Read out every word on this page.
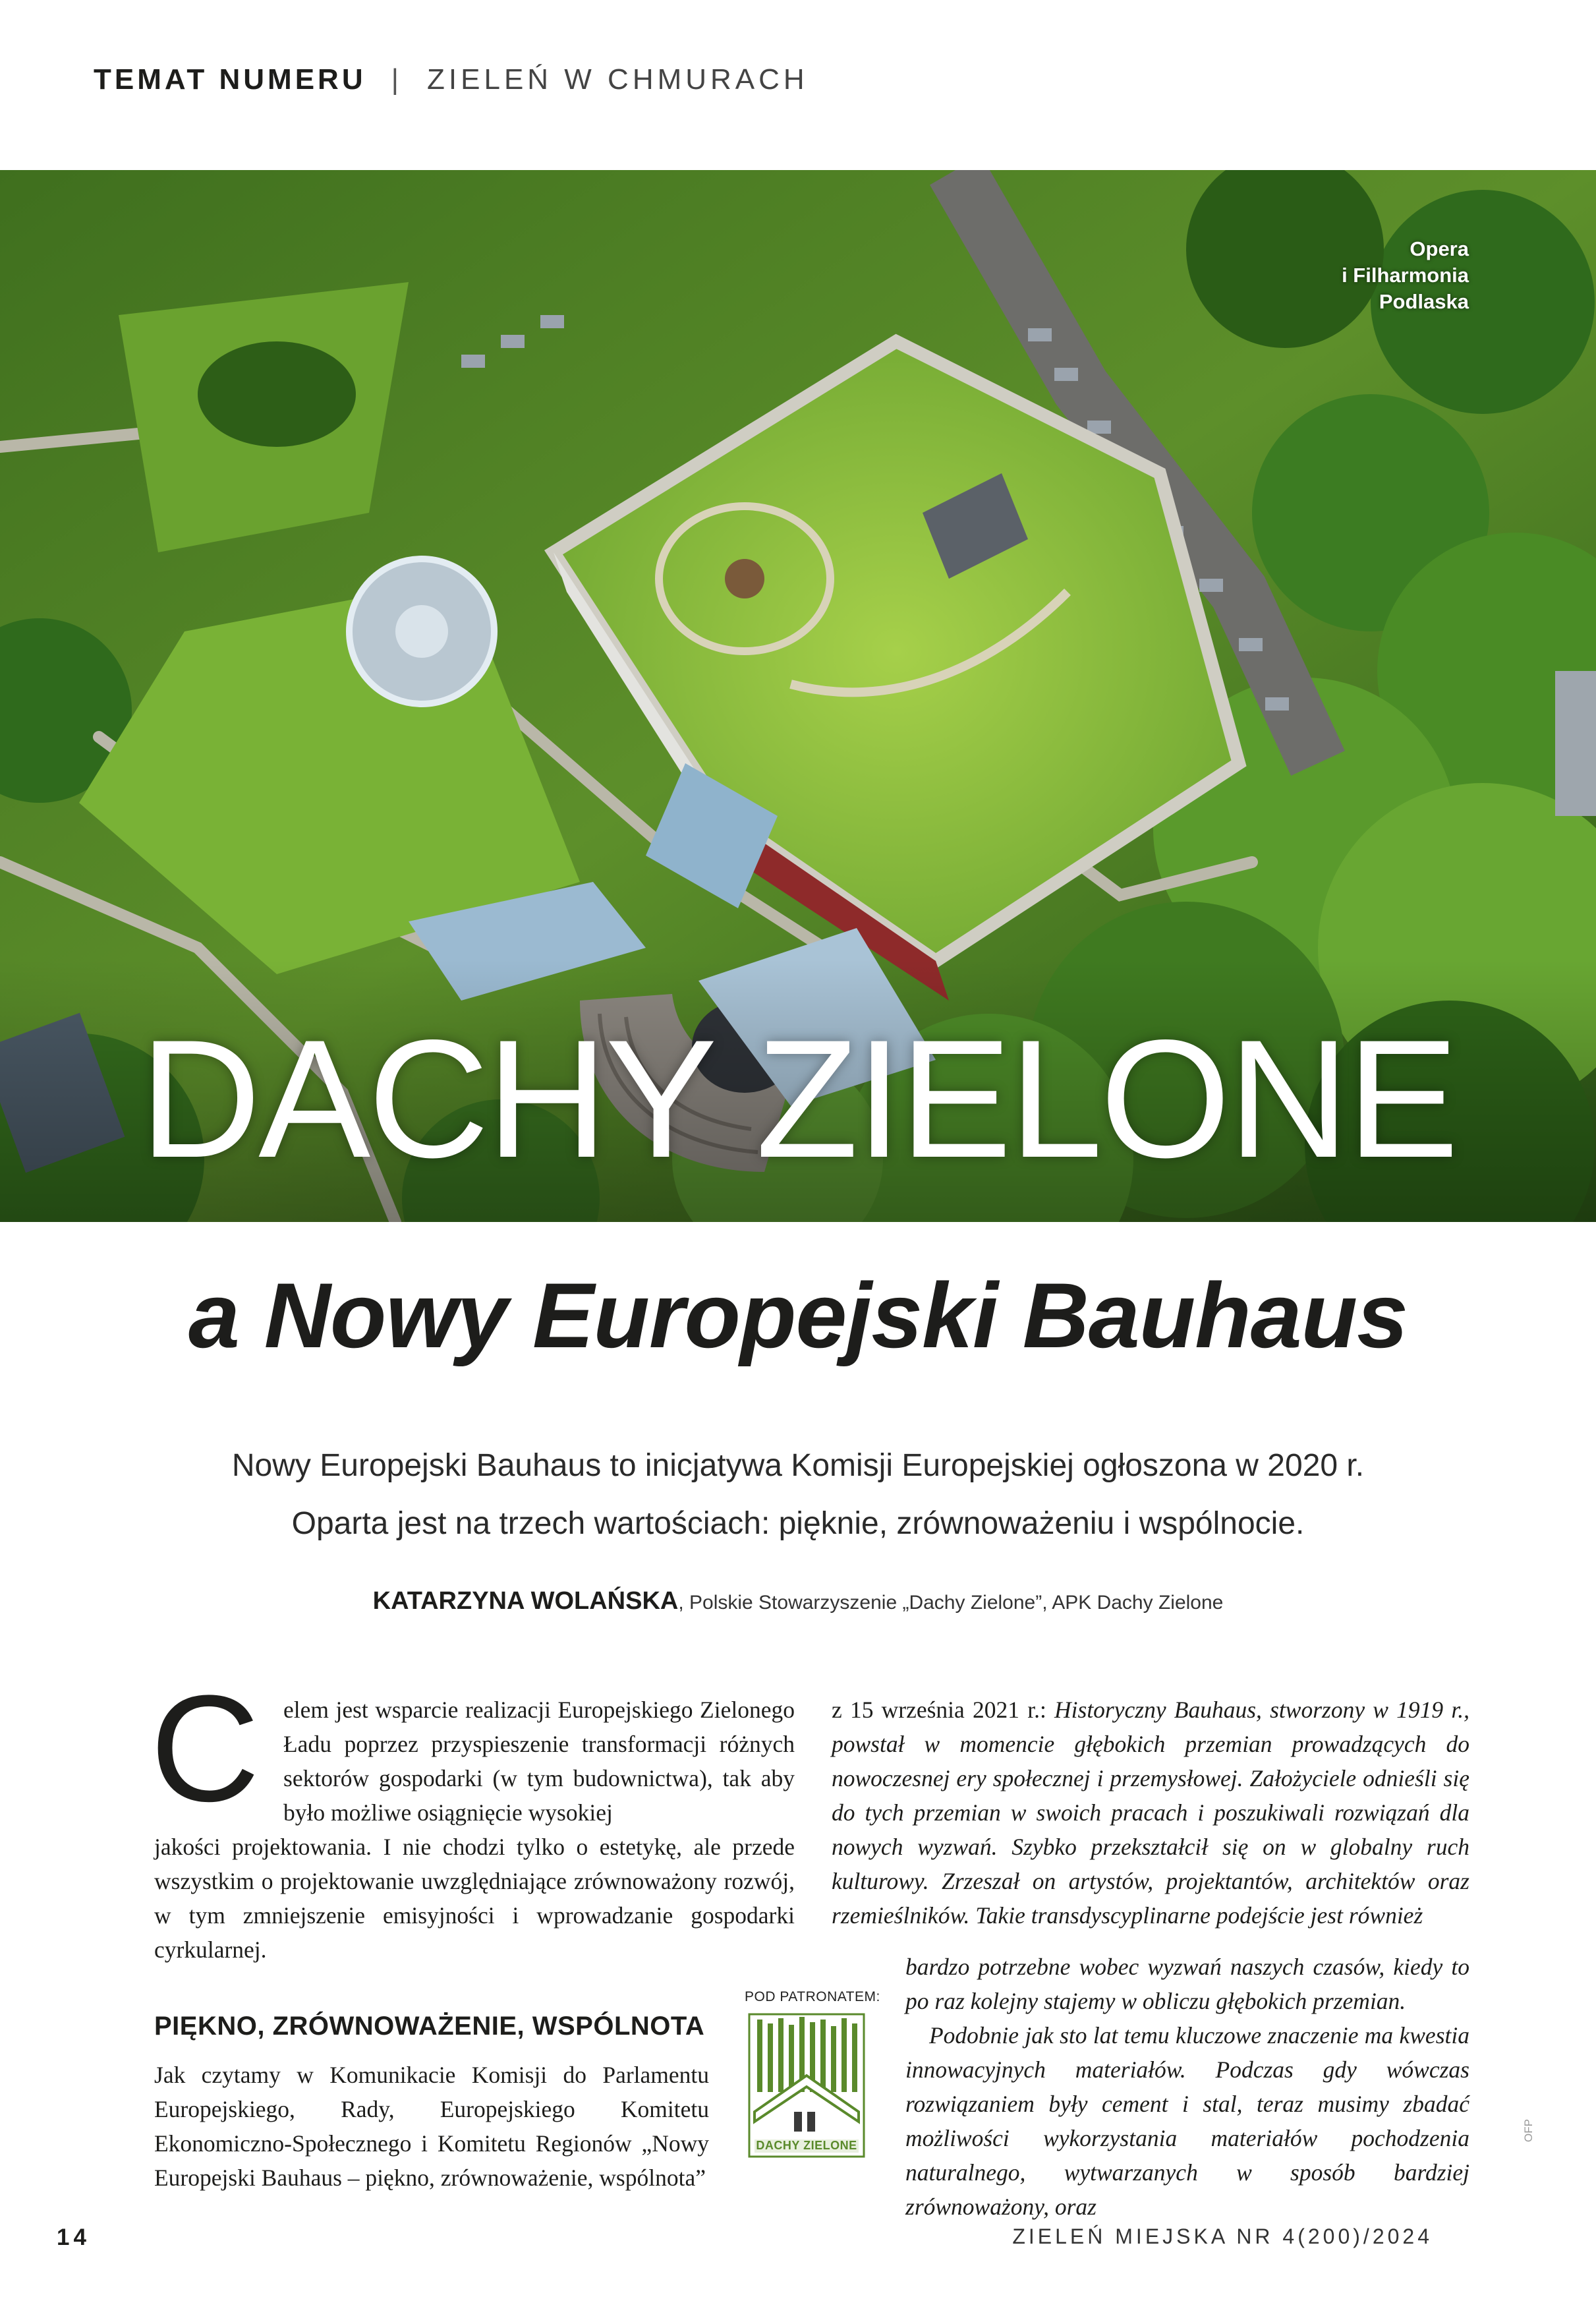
TEMAT NUMERU | ZIELEŃ W CHMURACH
Opera
i Filharmonia
Podlaska
DACHY ZIELONE
a Nowy Europejski Bauhaus
Nowy Europejski Bauhaus to inicjatywa Komisji Europejskiej ogłoszona w 2020 r.
Oparta jest na trzech wartościach: pięknie, zrównoważeniu i wspólnocie.
KATARZYNA WOLAŃSKA, Polskie Stowarzyszenie „Dachy Zielone”, APK Dachy Zielone
C elem jest wsparcie realizacji Europejskiego Zielonego Ładu poprzez przyspieszenie transformacji różnych sektorów gospodarki (w tym budownictwa), tak aby było możliwe osiągnięcie wysokiej
jakości projektowania. I nie chodzi tylko o estetykę, ale przede wszystkim o projektowanie uwzględniające zrównoważony rozwój, w tym zmniejszenie emisyjności i wprowadzanie gospodarki cyrkularnej.
PIĘKNO, ZRÓWNOWAŻENIE, WSPÓLNOTA
Jak czytamy w Komunikacie Komisji do Parlamentu Europejskiego, Rady, Europejskiego Komitetu Ekonomiczno-Społecznego i Komitetu Regionów „Nowy Europejski Bauhaus – piękno, zrównoważenie, wspólnota”
POD PATRONATEM:
DACHY ZIELONE
z 15 września 2021 r.: Historyczny Bauhaus, stworzony w 1919 r., powstał w momencie głębokich przemian prowadzących do nowoczesnej ery społecznej i przemysłowej. Założyciele odnieśli się do tych przemian w swoich pracach i poszukiwali rozwiązań dla nowych wyzwań. Szybko przekształcił się on w globalny ruch kulturowy. Zrzeszał on artystów, projektantów, architektów oraz rzemieślników. Takie transdyscyplinarne podejście jest również
bardzo potrzebne wobec wyzwań naszych czasów, kiedy to po raz kolejny stajemy w obliczu głębokich przemian.
Podobnie jak sto lat temu kluczowe znaczenie ma kwestia innowacyjnych materiałów. Podczas gdy wówczas rozwiązaniem były cement i stal, teraz musimy zbadać możliwości wykorzystania materiałów pochodzenia naturalnego, wytwarzanych w sposób bardziej zrównoważony, oraz
14	ZIELEŃ MIEJSKA NR 4(200)/2024
OFP
